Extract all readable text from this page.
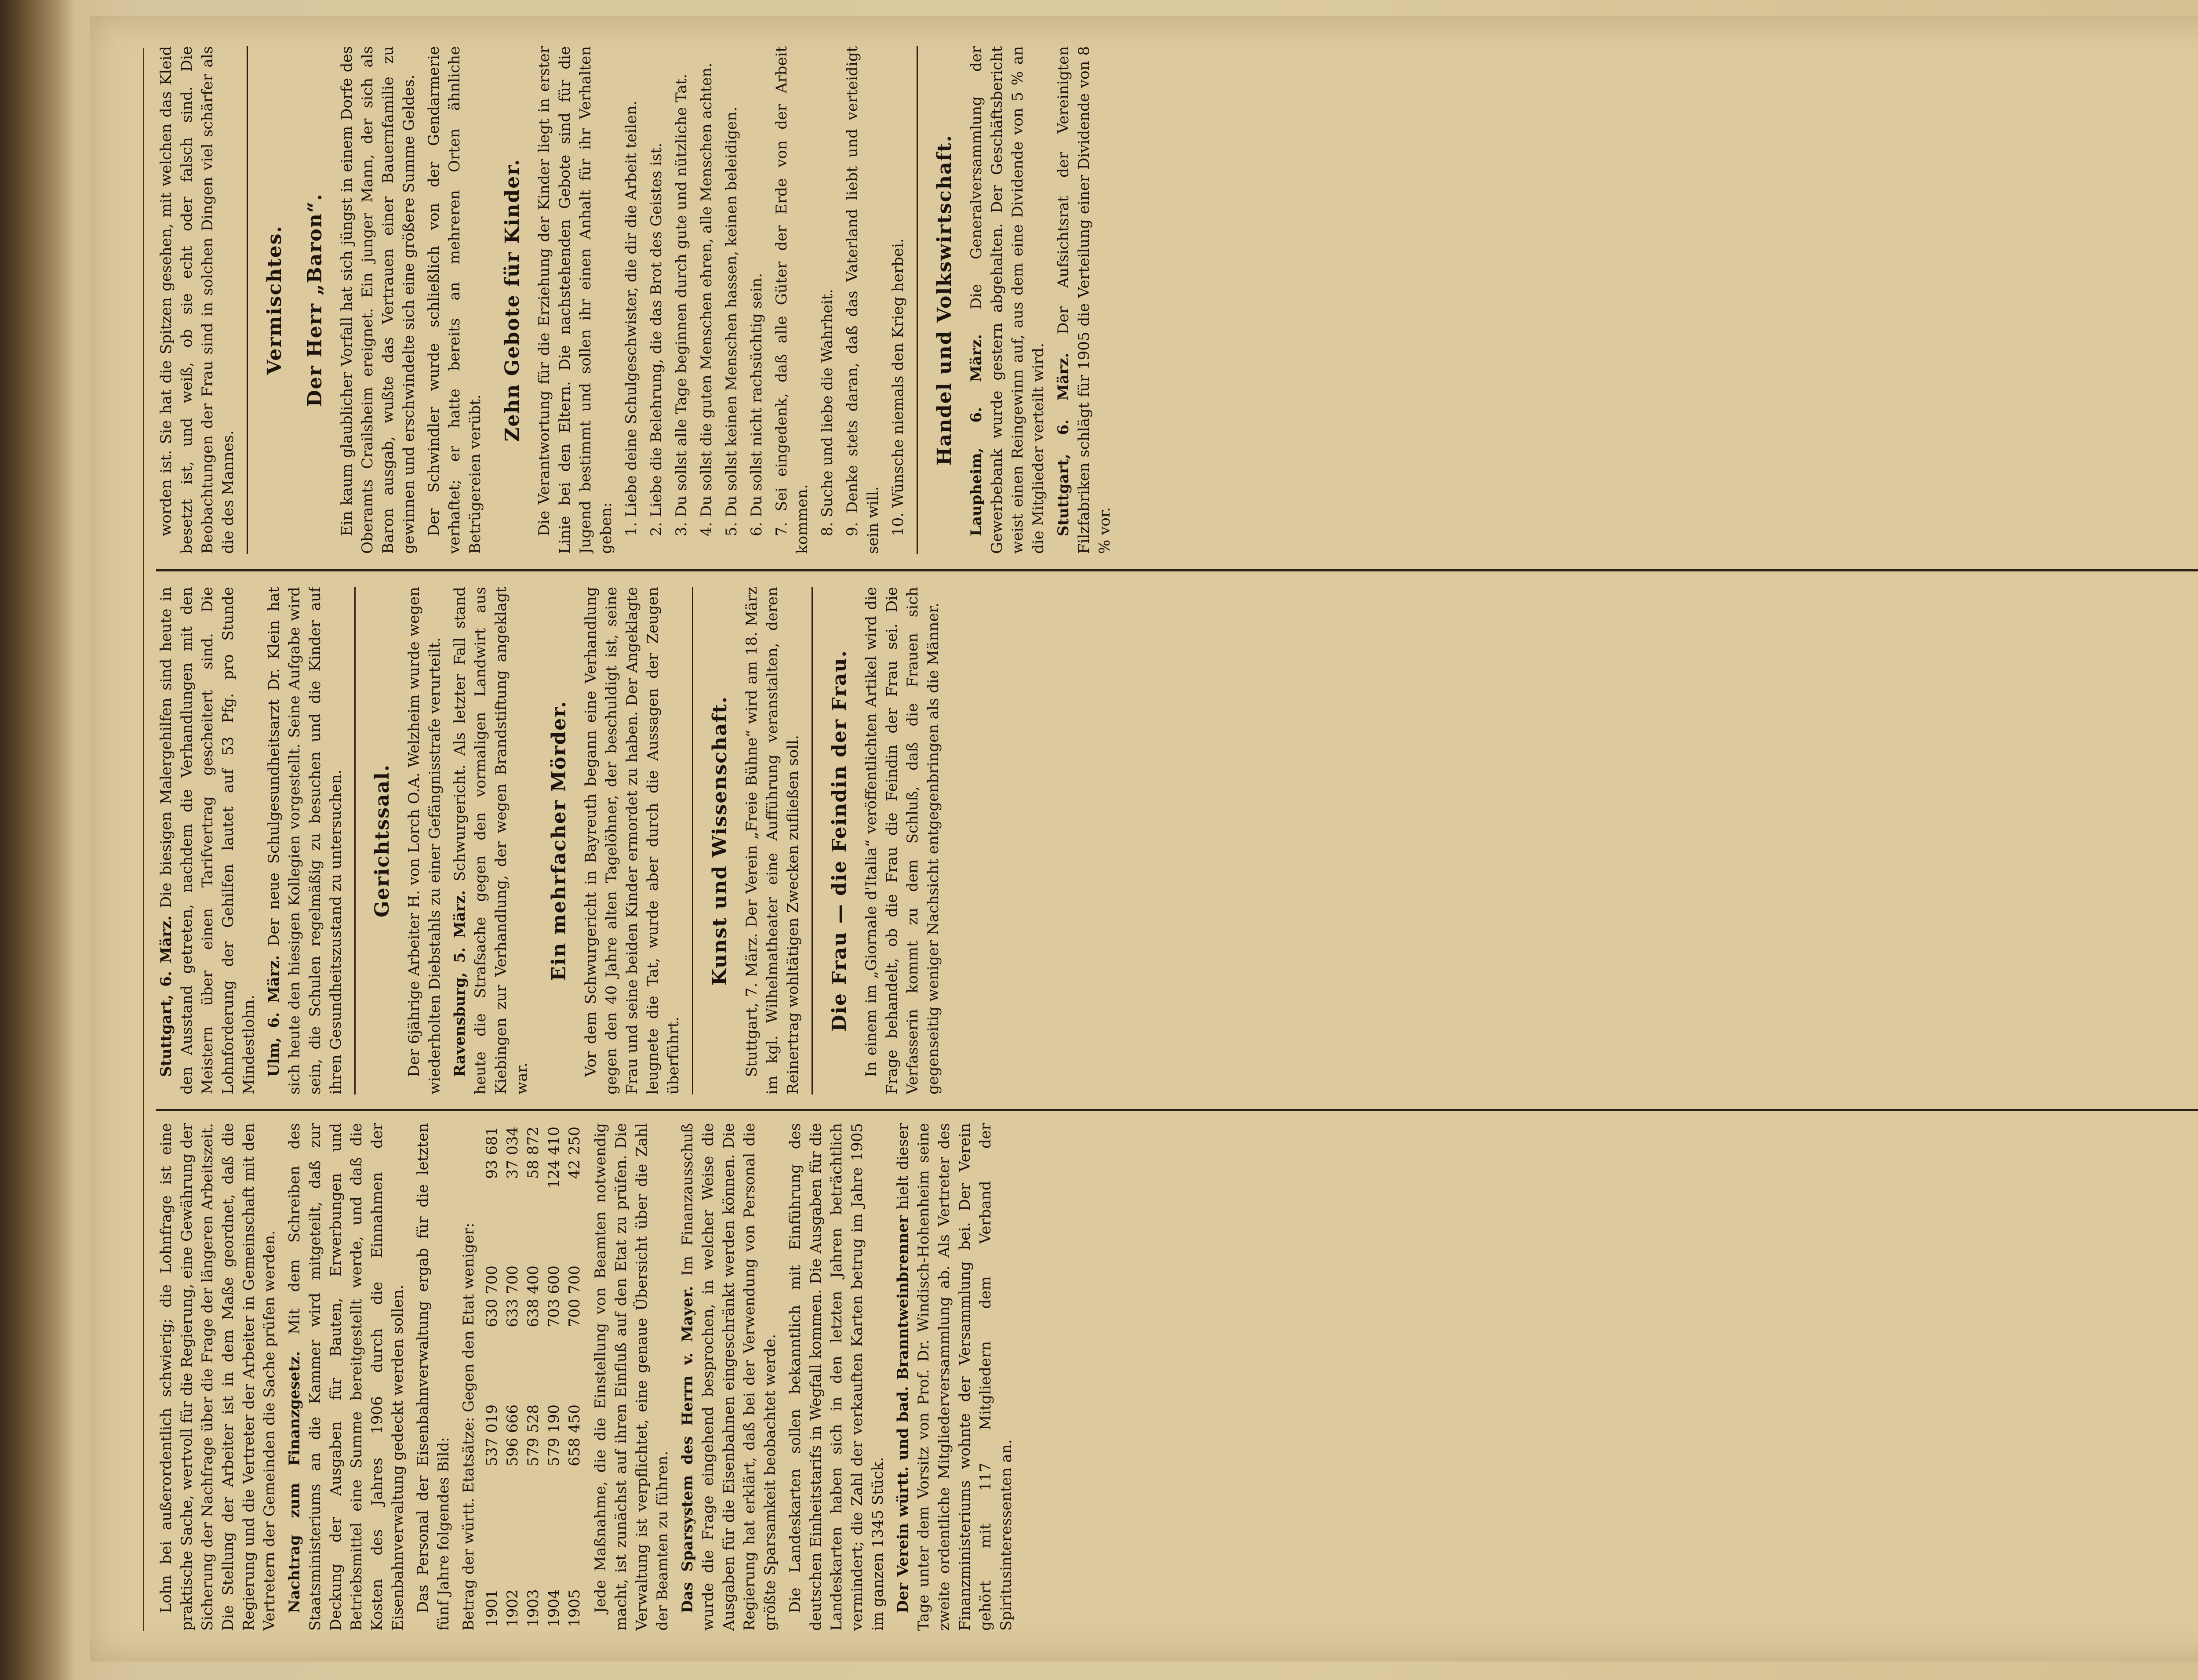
Lohn bei außerordentlich schwierig; die Lohnfrage ist eine praktische Sache, wertvoll für die Regierung, eine Gewährung der Sicherung der Nachfrage über die Frage der längeren Arbeitszeit. Die Stellung der Arbeiter ist in dem Maße geordnet, daß die Regierung und die Vertreter der Arbeiter in Gemeinschaft mit den Vertretern der Gemeinden die Sache prüfen werden. Nachtrag zum Finanzgesetz. Mit dem Schreiben des Staatsministeriums an die Kammer wird mitgeteilt, daß zur Deckung der Ausgaben für Bauten, Erwerbungen und Betriebsmittel eine Summe bereitgestellt werde, und daß die Kosten des Jahres 1906 durch die Einnahmen der Eisenbahnverwaltung gedeckt werden sollen. Das Personal der Eisenbahnverwaltung ergab für die letzten fünf Jahre folgendes Bild: Betrag der württ. Etatsätze: Gegen den Etat weniger: 1901	537 019	630 700	93 681
1902	596 666	633 700	37 034
1903	579 528	638 400	58 872
1904	579 190	703 600	124 410
1905	658 450	700 700	42 250 Jede Maßnahme, die die Einstellung von Beamten notwendig macht, ist zunächst auf ihren Einfluß auf den Etat zu prüfen. Die Verwaltung ist verpflichtet, eine genaue Übersicht über die Zahl der Beamten zu führen. Das Sparsystem des Herrn v. Mayer. Im Finanzausschuß wurde die Frage eingehend besprochen, in welcher Weise die Ausgaben für die Eisenbahnen eingeschränkt werden können. Die Regierung hat erklärt, daß bei der Verwendung von Personal die größte Sparsamkeit beobachtet werde. Die Landeskarten sollen bekanntlich mit Einführung des deutschen Einheitstarifs in Wegfall kommen. Die Ausgaben für die Landeskarten haben sich in den letzten Jahren beträchtlich vermindert; die Zahl der verkauften Karten betrug im Jahre 1905 im ganzen 1345 Stück. Der Verein württ. und bad. Branntweinbrenner hielt dieser Tage unter dem Vorsitz von Prof. Dr. Windisch-Hohenheim seine zweite ordentliche Mitgliederversammlung ab. Als Vertreter des Finanzministeriums wohnte der Versammlung bei. Der Verein gehört mit 117 Mitgliedern dem Verband der Spiritusinteressenten an.

Stuttgart, 6. März. Die biesigen Malergehilfen sind heute in den Ausstand getreten, nachdem die Verhandlungen mit den Meistern über einen Tarifvertrag gescheitert sind. Die Lohnforderung der Gehilfen lautet auf 53 Pfg. pro Stunde Mindestlohn. Ulm, 6. März. Der neue Schulgesundheitsarzt Dr. Klein hat sich heute den hiesigen Kollegien vorgestellt. Seine Aufgabe wird sein, die Schulen regelmäßig zu besuchen und die Kinder auf ihren Gesundheitszustand zu untersuchen. Gerichtssaal. Der 6jährige Arbeiter H. von Lorch O.A. Welzheim wurde wegen wiederholten Diebstahls zu einer Gefängnisstrafe verurteilt. Ravensburg, 5. März. Schwurgericht. Als letzter Fall stand heute die Strafsache gegen den vormaligen Landwirt aus Kiebingen zur Verhandlung, der wegen Brandstiftung angeklagt war.

Ein mehrfacher Mörder. Vor dem Schwurgericht in Bayreuth begann eine Verhandlung gegen den 40 Jahre alten Tagelöhner, der beschuldigt ist, seine Frau und seine beiden Kinder ermordet zu haben. Der Angeklagte leugnete die Tat, wurde aber durch die Aussagen der Zeugen überführt.

Kunst und Wissenschaft. Stuttgart, 7. März. Der Verein „Freie Bühne“ wird am 18. März im kgl. Wilhelmatheater eine Aufführung veranstalten, deren Reinertrag wohltätigen Zwecken zufließen soll. Die Frau — die Feindin der Frau. In einem im „Giornale d'Italia“ veröffentlichten Artikel wird die Frage behandelt, ob die Frau die Feindin der Frau sei. Die Verfasserin kommt zu dem Schluß, daß die Frauen sich gegenseitig weniger Nachsicht entgegenbringen als die Männer.

worden ist. Sie hat die Spitzen gesehen, mit welchen das Kleid besetzt ist, und weiß, ob sie echt oder falsch sind. Die Beobachtungen der Frau sind in solchen Dingen viel schärfer als die des Mannes.

Vermischtes. Der Herr „Baron“. Ein kaum glaublicher Vorfall hat sich jüngst in einem Dorfe des Oberamts Crailsheim ereignet. Ein junger Mann, der sich als Baron ausgab, wußte das Vertrauen einer Bauernfamilie zu gewinnen und erschwindelte sich eine größere Summe Geldes. Der Schwindler wurde schließlich von der Gendarmerie verhaftet; er hatte bereits an mehreren Orten ähnliche Betrügereien verübt.

Zehn Gebote für Kinder. Die Verantwortung für die Erziehung der Kinder liegt in erster Linie bei den Eltern. Die nachstehenden Gebote sind für die Jugend bestimmt und sollen ihr einen Anhalt für ihr Verhalten geben: 1. Liebe deine Schulgeschwister, die dir die Arbeit teilen. 2. Liebe die Belehrung, die das Brot des Geistes ist. 3. Du sollst alle Tage beginnen durch gute und nützliche Tat. 4. Du sollst die guten Menschen ehren, alle Menschen achten. 5. Du sollst keinen Menschen hassen, keinen beleidigen. 6. Du sollst nicht rachsüchtig sein. 7. Sei eingedenk, daß alle Güter der Erde von der Arbeit kommen. 8. Suche und liebe die Wahrheit. 9. Denke stets daran, daß das Vaterland liebt und verteidigt sein will. 10. Wünsche niemals den Krieg herbei. Handel und Volkswirtschaft. Laupheim, 6. März. Die Generalversammlung der Gewerbebank wurde gestern abgehalten. Der Geschäftsbericht weist einen Reingewinn auf, aus dem eine Dividende von 5 % an die Mitglieder verteilt wird. Stuttgart, 6. März. Der Aufsichtsrat der Vereinigten Filzfabriken schlägt für 1905 die Verteilung einer Dividende von 8 % vor.
